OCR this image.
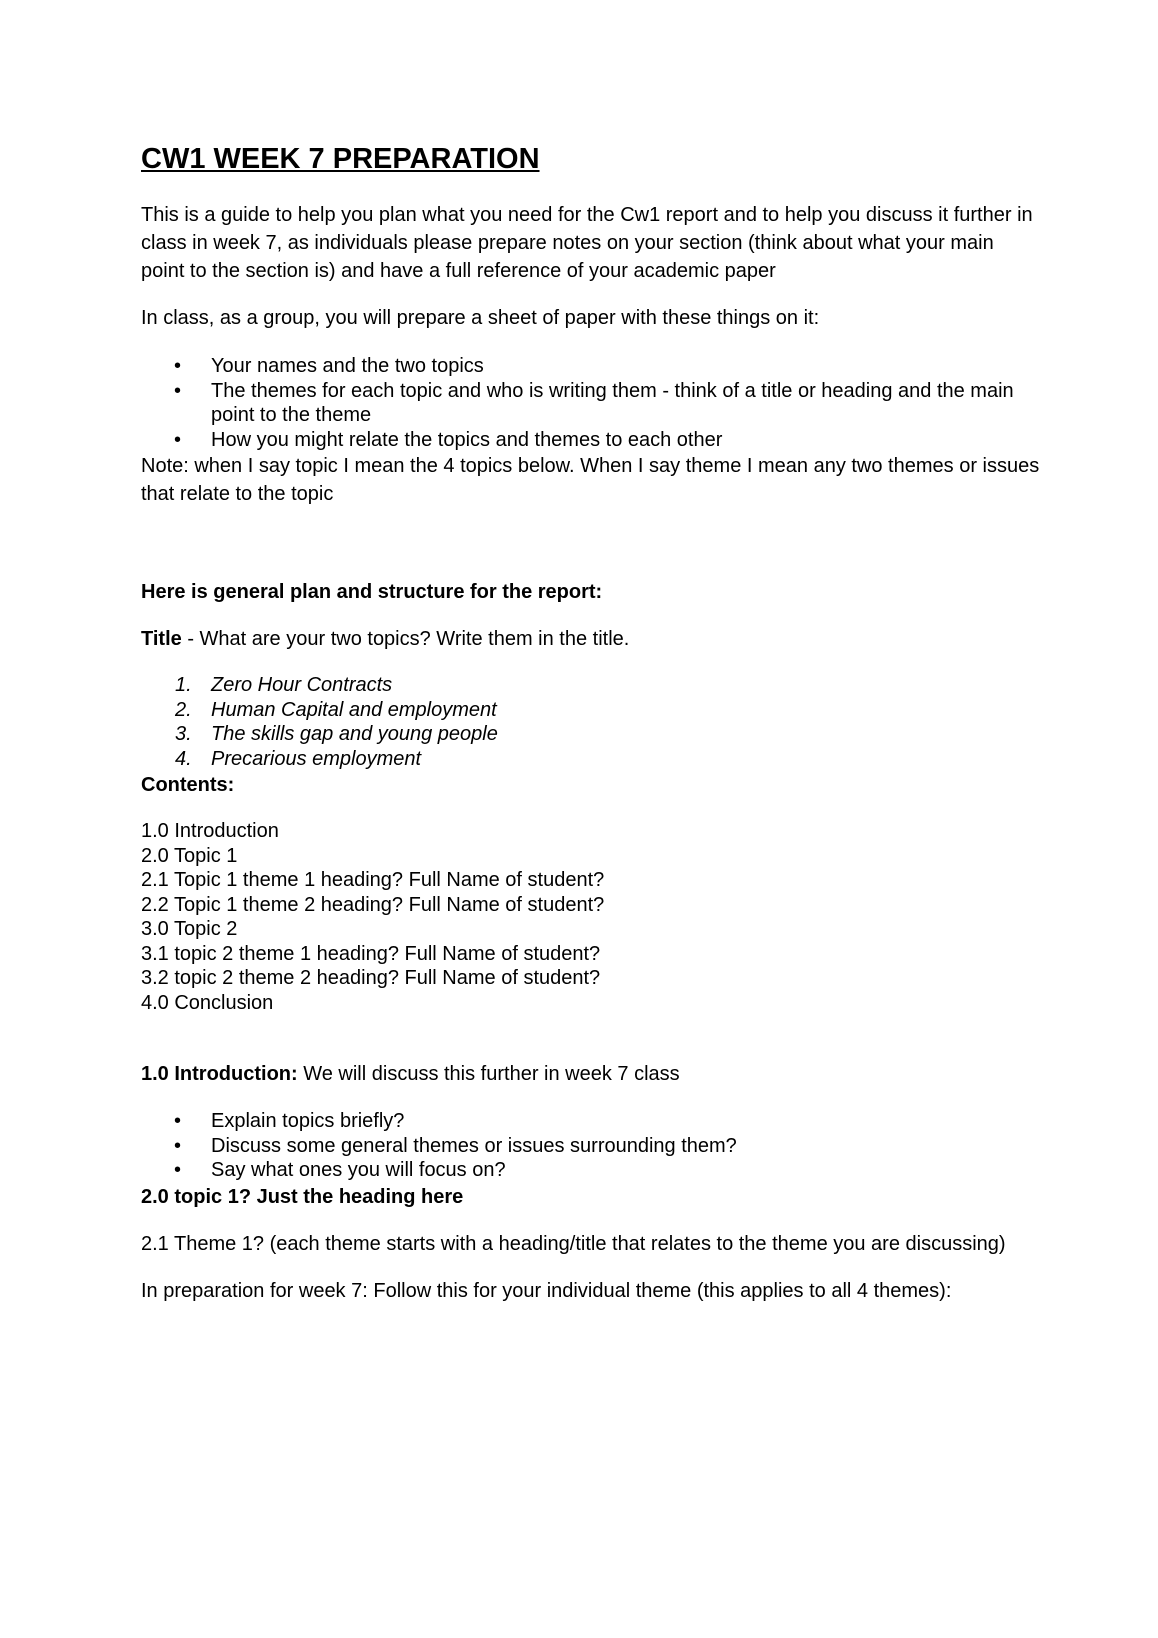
CW1 WEEK 7 PREPARATION

This is a guide to help you plan what you need for the Cw1 report and to help you discuss it further in class in week 7, as individuals please prepare notes on your section (think about what your main point to the section is) and have a full reference of your academic paper

In class, as a group, you will prepare a sheet of paper with these things on it:

• Your names and the two topics
• The themes for each topic and who is writing them - think of a title or heading and the main point to the theme
• How you might relate the topics and themes to each other

Note: when I say topic I mean the 4 topics below. When I say theme I mean any two themes or issues that relate to the topic

Here is general plan and structure for the report:

Title - What are your two topics? Write them in the title.

1. Zero Hour Contracts
2. Human Capital and employment
3. The skills gap and young people
4. Precarious employment

Contents:

1.0 Introduction

2.0 Topic 1

2.1 Topic 1 theme 1 heading? Full Name of student?

2.2 Topic 1 theme 2 heading? Full Name of student?

3.0 Topic 2

3.1 topic 2 theme 1 heading? Full Name of student?

3.2 topic 2 theme 2 heading? Full Name of student?

4.0 Conclusion

1.0 Introduction: We will discuss this further in week 7 class

• Explain topics briefly?
• Discuss some general themes or issues surrounding them?
• Say what ones you will focus on?

2.0 topic 1? Just the heading here

2.1 Theme 1? (each theme starts with a heading/title that relates to the theme you are discussing)

In preparation for week 7: Follow this for your individual theme (this applies to all 4 themes):
